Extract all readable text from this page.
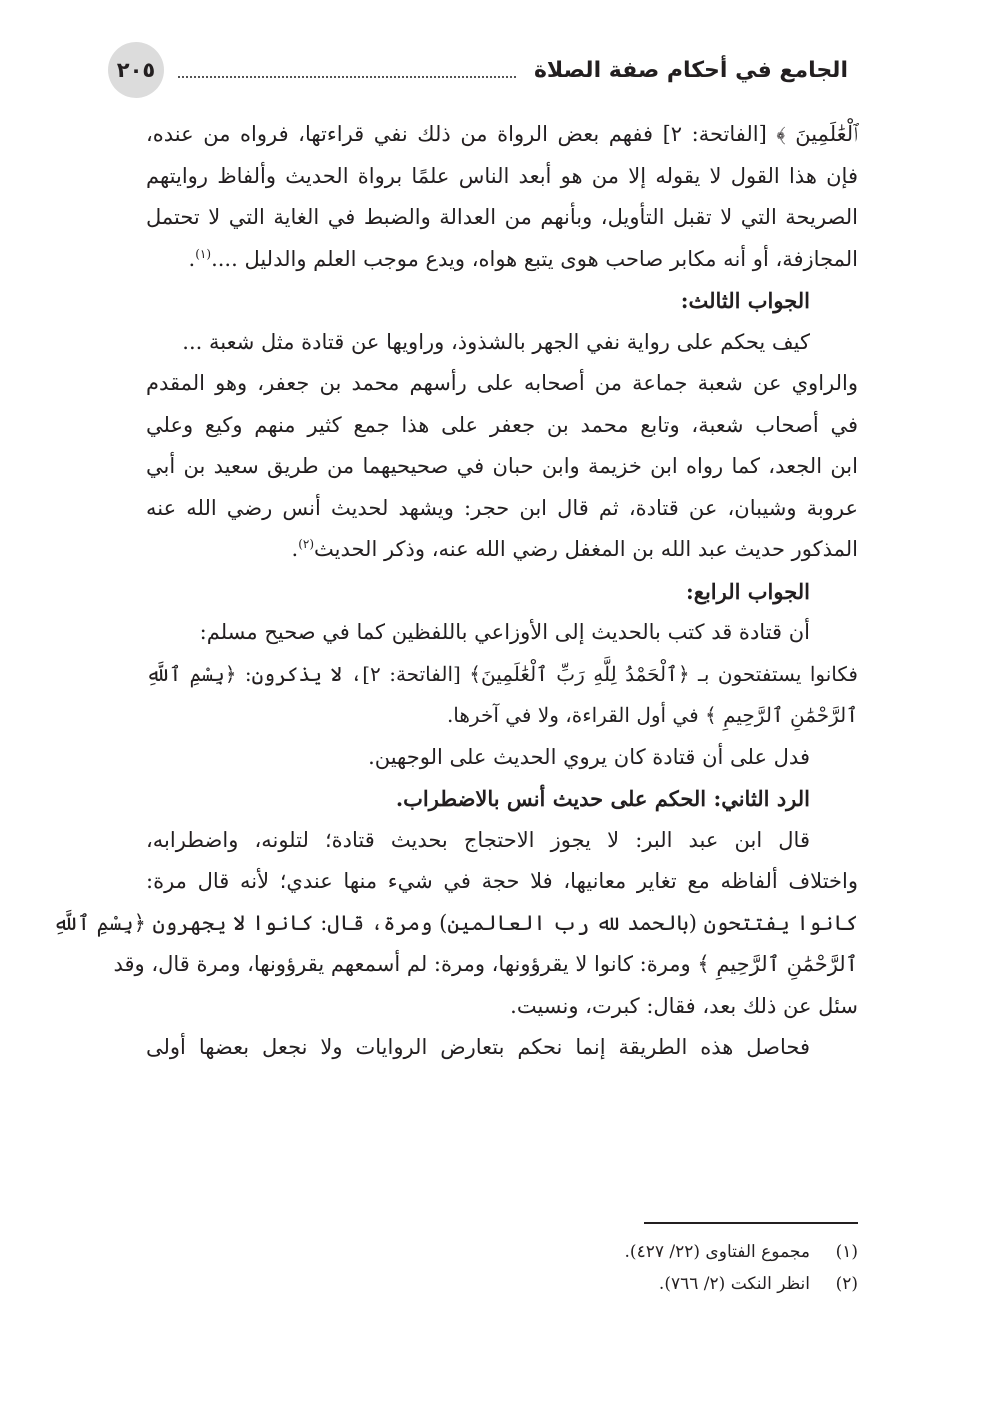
الجامع في أحكام صفة الصلاة
٢٠٥
ﭐﻟْﻌَٰﻠَﻤِﻴﻦَ ﴾ [الفاتحة: ٢] ففهم بعض الرواة من ذلك نفي قراءتها، فرواه من عنده،
فإن هذا القول لا يقوله إلا من هو أبعد الناس علمًا برواة الحديث وألفاظ روايتهم
الصريحة التي لا تقبل التأويل، وبأنهم من العدالة والضبط في الغاية التي لا تحتمل
المجازفة، أو أنه مكابر صاحب هوى يتبع هواه، ويدع موجب العلم والدليل ....$^{(١)}$.
الجواب الثالث:
كيف يحكم على رواية نفي الجهر بالشذوذ، وراويها عن قتادة مثل شعبة ...
والراوي عن شعبة جماعة من أصحابه على رأسهم محمد بن جعفر، وهو المقدم
في أصحاب شعبة، وتابع محمد بن جعفر على هذا جمع كثير منهم وكيع وعلي
ابن الجعد، كما رواه ابن خزيمة وابن حبان في صحيحيهما من طريق سعيد بن أبي
عروبة وشيبان، عن قتادة، ثم قال ابن حجر: ويشهد لحديث أنس رضي الله عنه
المذكور حديث عبد الله بن المغفل رضي الله عنه، وذكر الحديث$^{(٢)}$.
الجواب الرابع:
أن قتادة قد كتب بالحديث إلى الأوزاعي باللفظين كما في صحيح مسلم:
فكانوا يستفتحون بـ ﴿ٱلْحَمْدُ لِلَّهِ رَبِّ ٱلْعَٰلَمِينَ﴾ [الفاتحة: ٢]، لا يذكرون: ﴿بِسْمِ ٱللَّهِ
ٱلرَّحْمَٰنِ ٱلرَّحِيمِ ﴾ في أول القراءة، ولا في آخرها.
فدل على أن قتادة كان يروي الحديث على الوجهين.
الرد الثاني: الحكم على حديث أنس بالاضطراب.
قال ابن عبد البر: لا يجوز الاحتجاج بحديث قتادة؛ لتلونه، واضطرابه،
واختلاف ألفاظه مع تغاير معانيها، فلا حجة في شيء منها عندي؛ لأنه قال مرة:
كانوا يفتتحون (بالحمد لله رب العالمين) ومرة، قال: كانوا لا يجهرون ﴿بِسْمِ ٱللَّهِ
ٱلرَّحْمَٰنِ ٱلرَّحِيمِ ﴾ ومرة: كانوا لا يقرؤونها، ومرة: لم أسمعهم يقرؤونها، ومرة قال، وقد
سئل عن ذلك بعد، فقال: كبرت، ونسيت.
فحاصل هذه الطريقة إنما نحكم بتعارض الروايات ولا نجعل بعضها أولى
(١)مجموع الفتاوى (٢٢/ ٤٢٧).
(٢)انظر النكت (٢/ ٧٦٦).
